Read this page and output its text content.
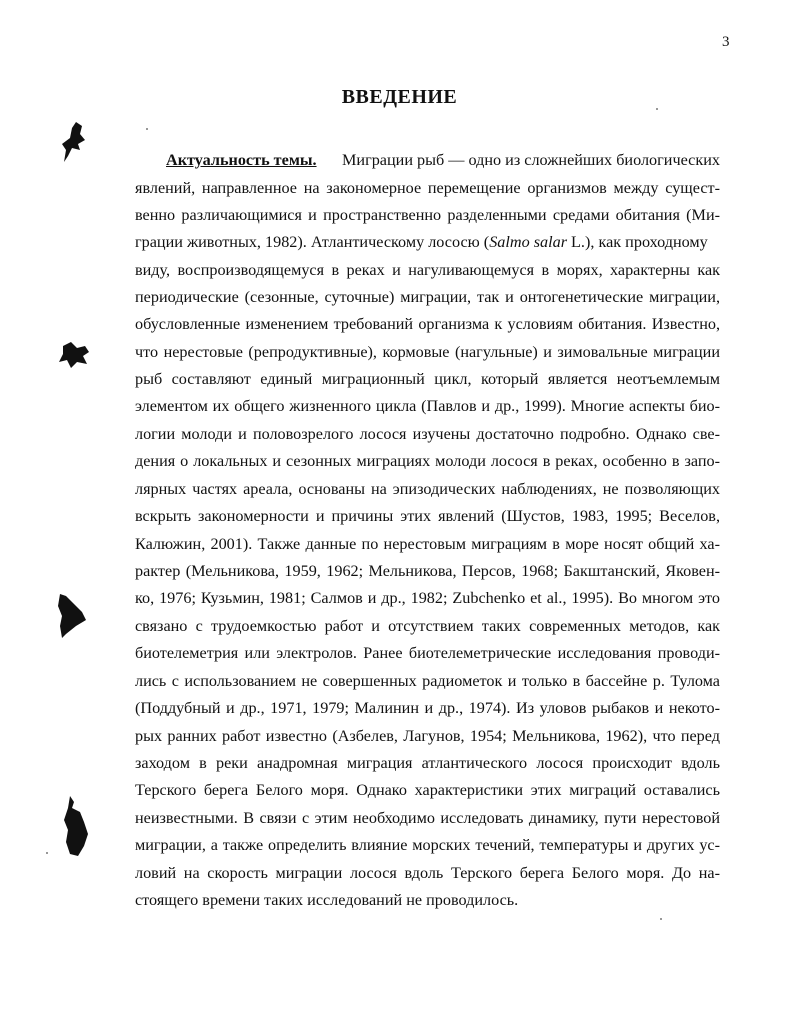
3
ВВЕДЕНИЕ
Актуальность темы. Миграции рыб — одно из сложнейших биологических
явлений, направленное на закономерное перемещение организмов между сущест-
венно различающимися и пространственно разделенными средами обитания (Ми-
грации животных, 1982). Атлантическому лососю (Salmo salar L.), как проходному
виду, воспроизводящемуся в реках и нагуливающемуся в морях, характерны как
периодические (сезонные, суточные) миграции, так и онтогенетические миграции,
обусловленные изменением требований организма к условиям обитания. Известно,
что нерестовые (репродуктивные), кормовые (нагульные) и зимовальные миграции
рыб составляют единый миграционный цикл, который является неотъемлемым
элементом их общего жизненного цикла (Павлов и др., 1999). Многие аспекты био-
логии молоди и половозрелого лосося изучены достаточно подробно. Однако све-
дения о локальных и сезонных миграциях молоди лосося в реках, особенно в запо-
лярных частях ареала, основаны на эпизодических наблюдениях, не позволяющих
вскрыть закономерности и причины этих явлений (Шустов, 1983, 1995; Веселов,
Калюжин, 2001). Также данные по нерестовым миграциям в море носят общий ха-
рактер (Мельникова, 1959, 1962; Мельникова, Персов, 1968; Бакштанский, Яковен-
ко, 1976; Кузьмин, 1981; Салмов и др., 1982; Zubchenko et al., 1995). Во многом это
связано с трудоемкостью работ и отсутствием таких современных методов, как
биотелеметрия или электролов. Ранее биотелеметрические исследования проводи-
лись с использованием не совершенных радиометок и только в бассейне р. Тулома
(Поддубный и др., 1971, 1979; Малинин и др., 1974). Из уловов рыбаков и некото-
рых ранних работ известно (Азбелев, Лагунов, 1954; Мельникова, 1962), что перед
заходом в реки анадромная миграция атлантического лосося происходит вдоль
Терского берега Белого моря. Однако характеристики этих миграций оставались
неизвестными. В связи с этим необходимо исследовать динамику, пути нерестовой
миграции, а также определить влияние морских течений, температуры и других ус-
ловий на скорость миграции лосося вдоль Терского берега Белого моря. До на-
стоящего времени таких исследований не проводилось.
